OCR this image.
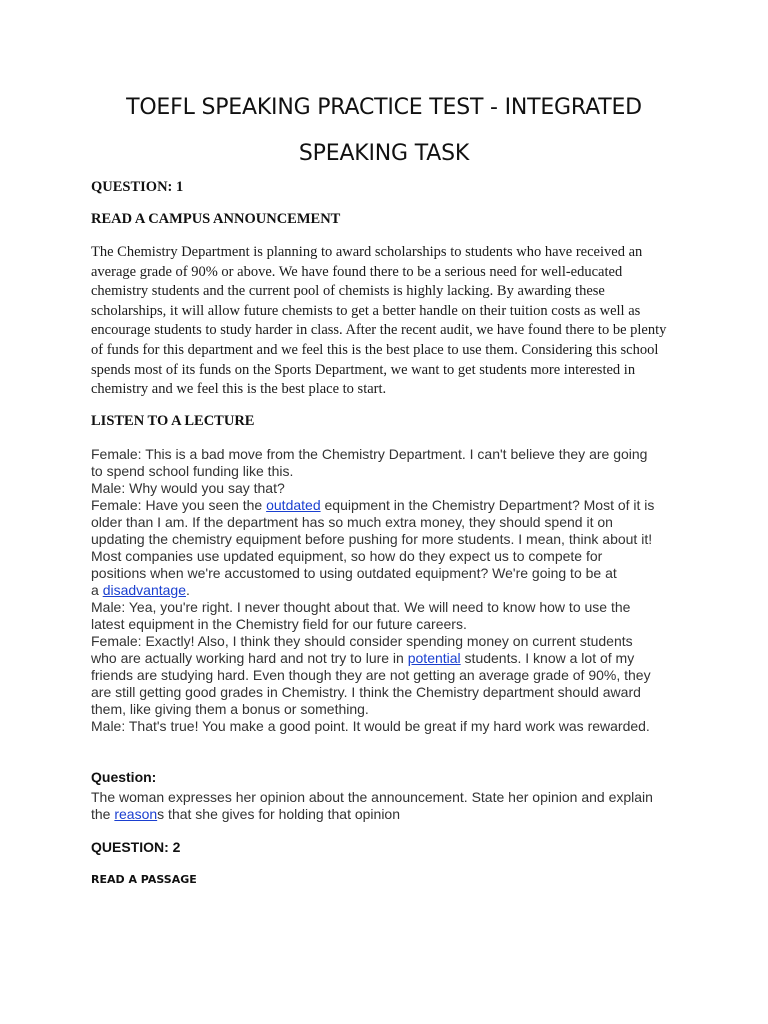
TOEFL SPEAKING PRACTICE TEST - INTEGRATED
SPEAKING TASK

QUESTION: 1

READ A CAMPUS ANNOUNCEMENT

The Chemistry Department is planning to award scholarships to students who have received an
average grade of 90% or above. We have found there to be a serious need for well-educated
chemistry students and the current pool of chemists is highly lacking. By awarding these
scholarships, it will allow future chemists to get a better handle on their tuition costs as well as
encourage students to study harder in class. After the recent audit, we have found there to be plenty
of funds for this department and we feel this is the best place to use them. Considering this school
spends most of its funds on the Sports Department, we want to get students more interested in
chemistry and we feel this is the best place to start.

LISTEN TO A LECTURE

Female: This is a bad move from the Chemistry Department. I can't believe they are going
to spend school funding like this.
Male: Why would you say that?
Female: Have you seen the outdated equipment in the Chemistry Department? Most of it is
older than I am. If the department has so much extra money, they should spend it on
updating the chemistry equipment before pushing for more students. I mean, think about it!
Most companies use updated equipment, so how do they expect us to compete for
positions when we're accustomed to using outdated equipment? We're going to be at
a disadvantage.
Male: Yea, you're right. I never thought about that. We will need to know how to use the
latest equipment in the Chemistry field for our future careers.
Female: Exactly! Also, I think they should consider spending money on current students
who are actually working hard and not try to lure in potential students. I know a lot of my
friends are studying hard. Even though they are not getting an average grade of 90%, they
are still getting good grades in Chemistry. I think the Chemistry department should award
them, like giving them a bonus or something.
Male: That's true! You make a good point. It would be great if my hard work was rewarded.

Question:

The woman expresses her opinion about the announcement. State her opinion and explain
the reasons that she gives for holding that opinion

QUESTION: 2

READ A PASSAGE
